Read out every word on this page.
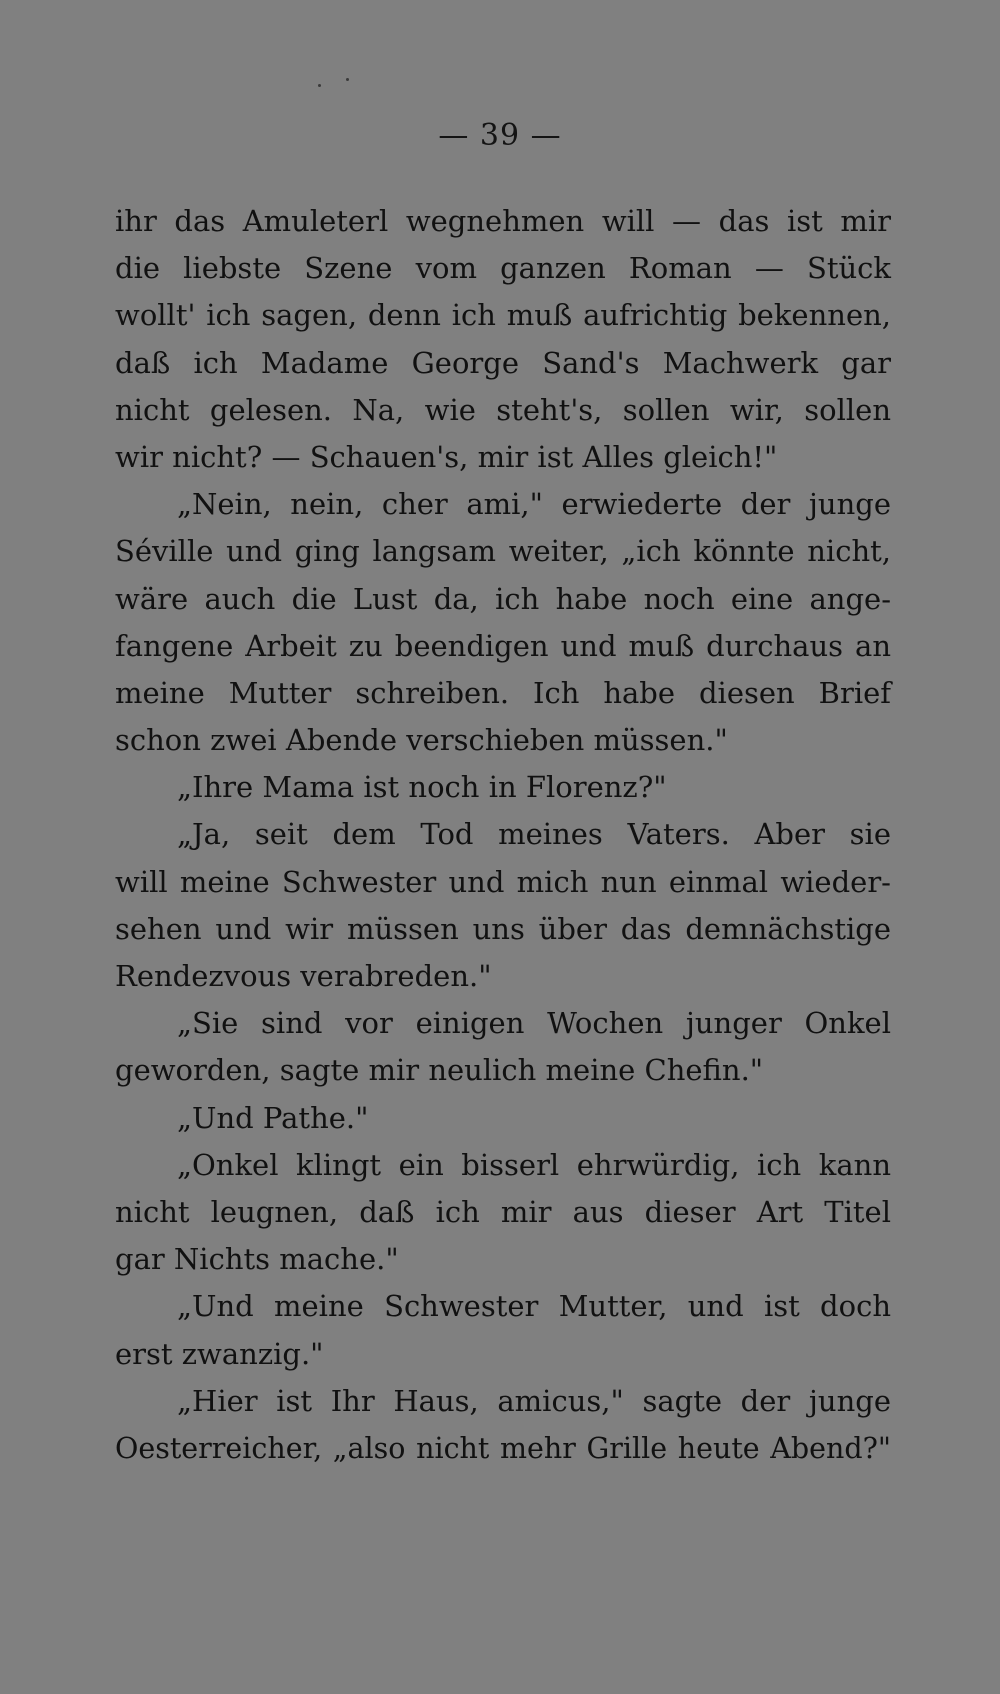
— 39 —
ihr das Amuleterl wegnehmen will — das ist mir
die liebste Szene vom ganzen Roman — Stück
wollt' ich sagen, denn ich muß aufrichtig bekennen,
daß ich Madame George Sand's Machwerk gar
nicht gelesen. Na, wie steht's, sollen wir, sollen
wir nicht? — Schauen's, mir ist Alles gleich!"
„Nein, nein, cher ami," erwiederte der junge
Séville und ging langsam weiter, „ich könnte nicht,
wäre auch die Lust da, ich habe noch eine ange-
fangene Arbeit zu beendigen und muß durchaus an
meine Mutter schreiben. Ich habe diesen Brief
schon zwei Abende verschieben müssen."
„Ihre Mama ist noch in Florenz?"
„Ja, seit dem Tod meines Vaters. Aber sie
will meine Schwester und mich nun einmal wieder-
sehen und wir müssen uns über das demnächstige
Rendezvous verabreden."
„Sie sind vor einigen Wochen junger Onkel
geworden, sagte mir neulich meine Chefin."
„Und Pathe."
„Onkel klingt ein bisserl ehrwürdig, ich kann
nicht leugnen, daß ich mir aus dieser Art Titel
gar Nichts mache."
„Und meine Schwester Mutter, und ist doch
erst zwanzig."
„Hier ist Ihr Haus, amicus," sagte der junge
Oesterreicher, „also nicht mehr Grille heute Abend?"
